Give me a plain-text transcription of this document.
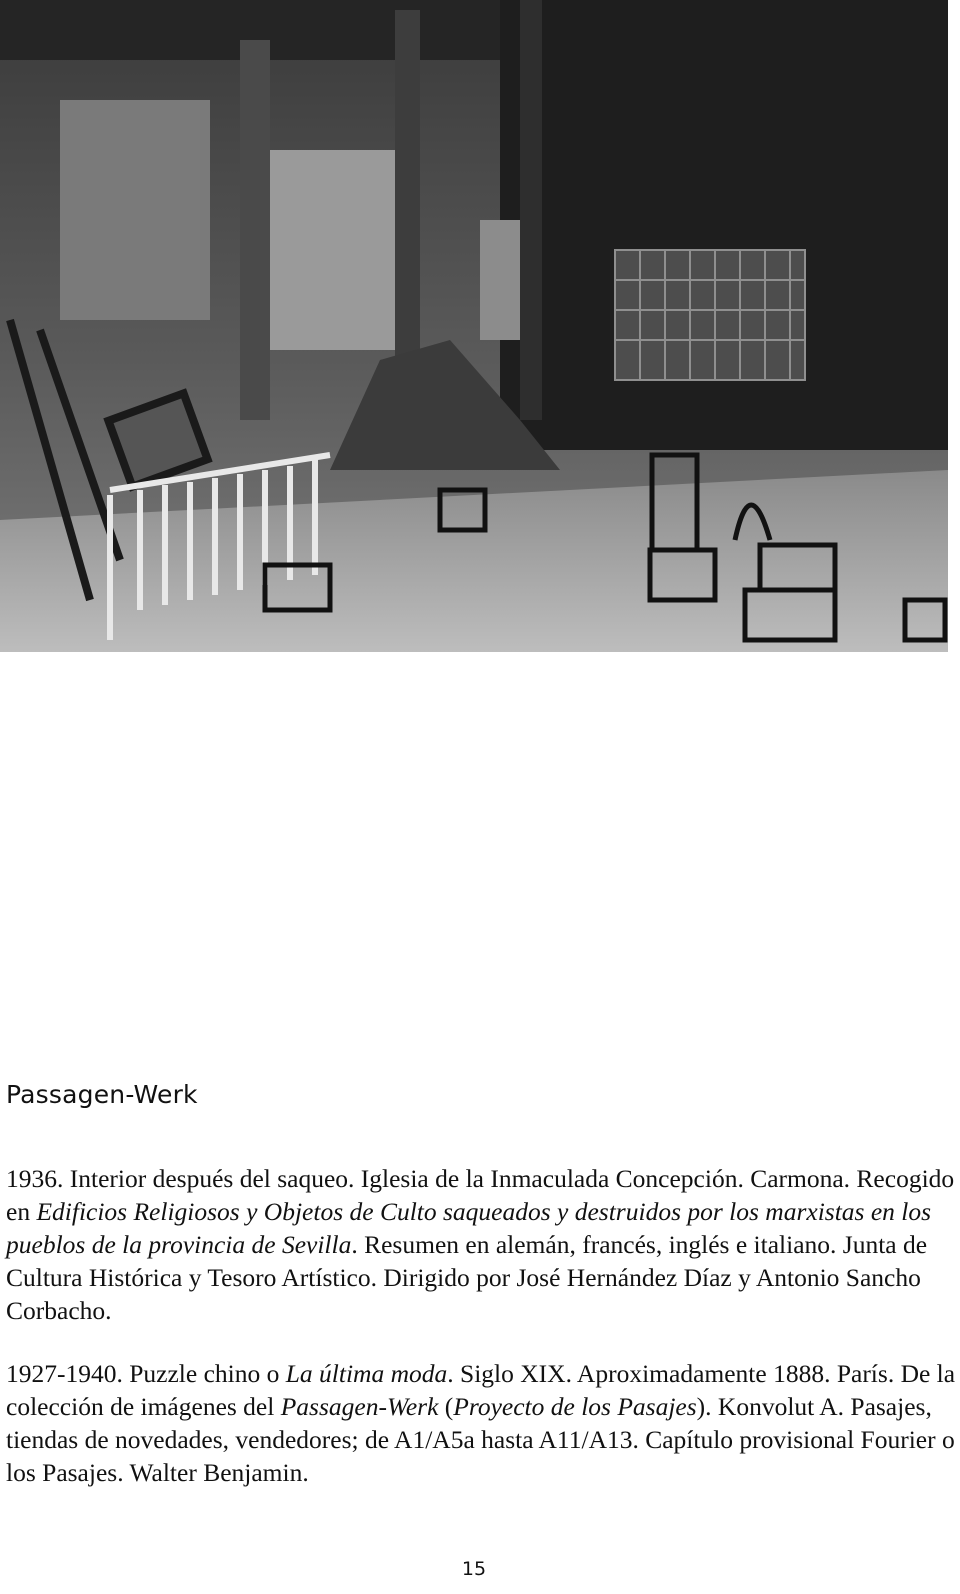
Passagen-Werk

1936. Interior después del saqueo. Iglesia de la Inmaculada Concepción. Carmona. Recogido en Edificios Religiosos y Objetos de Culto saqueados y destruidos por los marxistas en los pueblos de la provincia de Sevilla. Resumen en alemán, francés, inglés e italiano. Junta de Cultura Histórica y Tesoro Artístico. Dirigido por José Hernández Díaz y Antonio Sancho Corbacho.

1927-1940. Puzzle chino o La última moda. Siglo XIX. Aproximadamente 1888. París. De la colección de imágenes del Passagen-Werk (Proyecto de los Pasajes). Konvolut A. Pasajes, tiendas de novedades, vendedores; de A1/A5a hasta A11/A13. Capítulo provisional Fourier o los Pasajes. Walter Benjamin.

15
